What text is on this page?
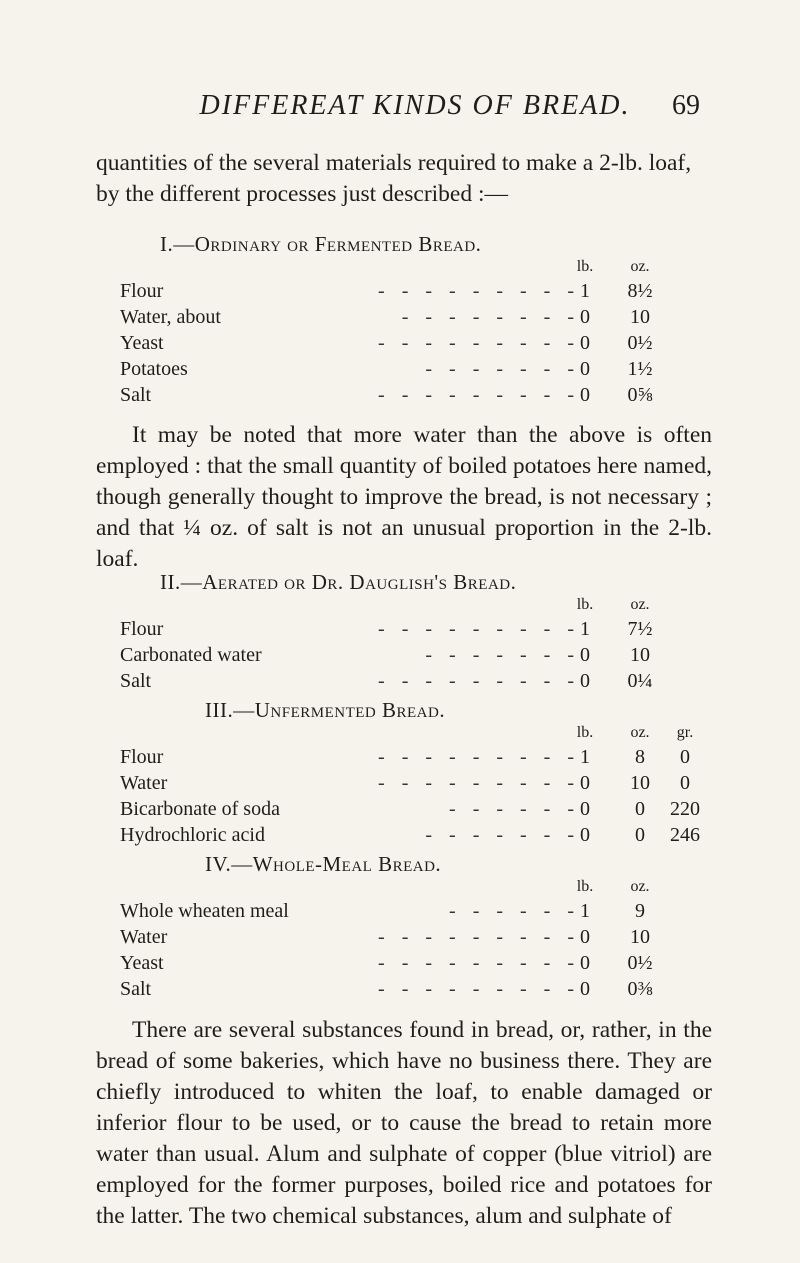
DIFFEREAT KINDS OF BREAD.	69

quantities of the several materials required to make a 2-lb. loaf, by the different processes just described :—

I.—Ordinary or Fermented Bread.
lb.	oz.
Flour	- - - - - - - - - 1	8½
Water, about	- - - - - - - - 0	10
Yeast	- - - - - - - - - 0	0½
Potatoes	- - - - - - - 0	1½
Salt	- - - - - - - - - 0	0⅝

It may be noted that more water than the above is often employed : that the small quantity of boiled potatoes here named, though generally thought to improve the bread, is not necessary ; and that ¼ oz. of salt is not an unusual proportion in the 2-lb. loaf.

II.—Aerated or Dr. Dauglish's Bread.
lb.	oz.
Flour	- - - - - - - - - 1	7½
Carbonated water	- - - - - - - 0	10
Salt	- - - - - - - - - 0	0¼
III.—Unfermented Bread.
lb.	oz.	gr.
Flour	- - - - - - - - - 1	8	0
Water	- - - - - - - - - 0	10	0
Bicarbonate of soda	- - - - - - 0	0	220
Hydrochloric acid	- - - - - - - 0	0	246
IV.—Whole-Meal Bread.
lb.	oz.
Whole wheaten meal	- - - - - - 1	9
Water	- - - - - - - - - 0	10
Yeast	- - - - - - - - - 0	0½
Salt	- - - - - - - - - 0	0⅜

There are several substances found in bread, or, rather, in the bread of some bakeries, which have no business there. They are chiefly introduced to whiten the loaf, to enable damaged or inferior flour to be used, or to cause the bread to retain more water than usual. Alum and sulphate of copper (blue vitriol) are employed for the former purposes, boiled rice and potatoes for the latter. The two chemical substances, alum and sulphate of
